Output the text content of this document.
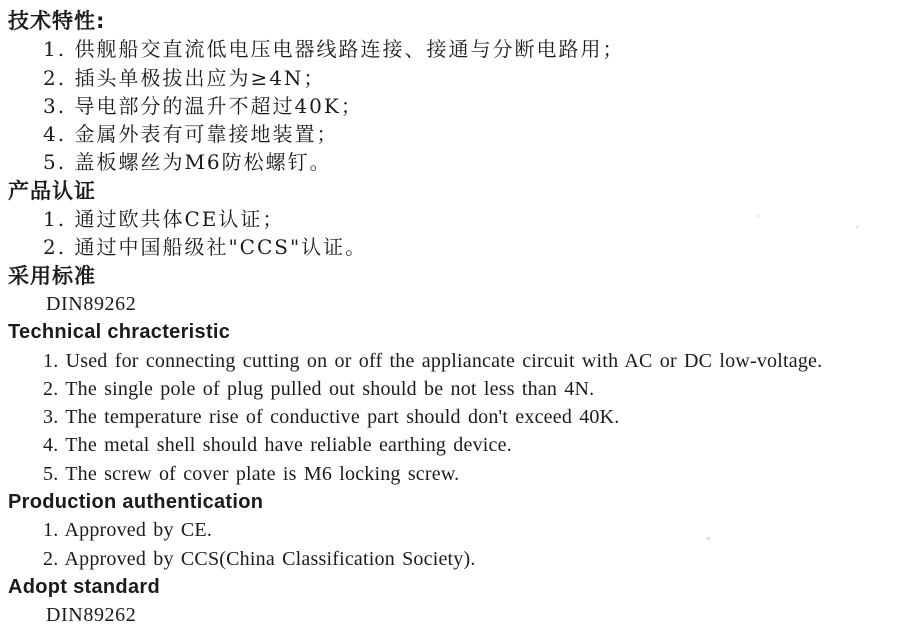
技术特性:
1. 供舰船交直流低电压电器线路连接、接通与分断电路用；
2. 插头单极拔出应为≥4N；
3. 导电部分的温升不超过40K；
4. 金属外表有可靠接地装置；
5. 盖板螺丝为M6防松螺钉。
产品认证
1. 通过欧共体CE认证；
2. 通过中国船级社"CCS"认证。
采用标准
DIN89262
Technical chracteristic
1. Used for connecting cutting on or off the appliancate circuit with AC or DC low-voltage.
2. The single pole of plug pulled out should be not less than 4N.
3. The temperature rise of conductive part should don't exceed 40K.
4. The metal shell should have reliable earthing device.
5. The screw of cover plate is M6 locking screw.
Production authentication
1. Approved by CE.
2. Approved by CCS(China Classification Society).
Adopt standard
DIN89262
